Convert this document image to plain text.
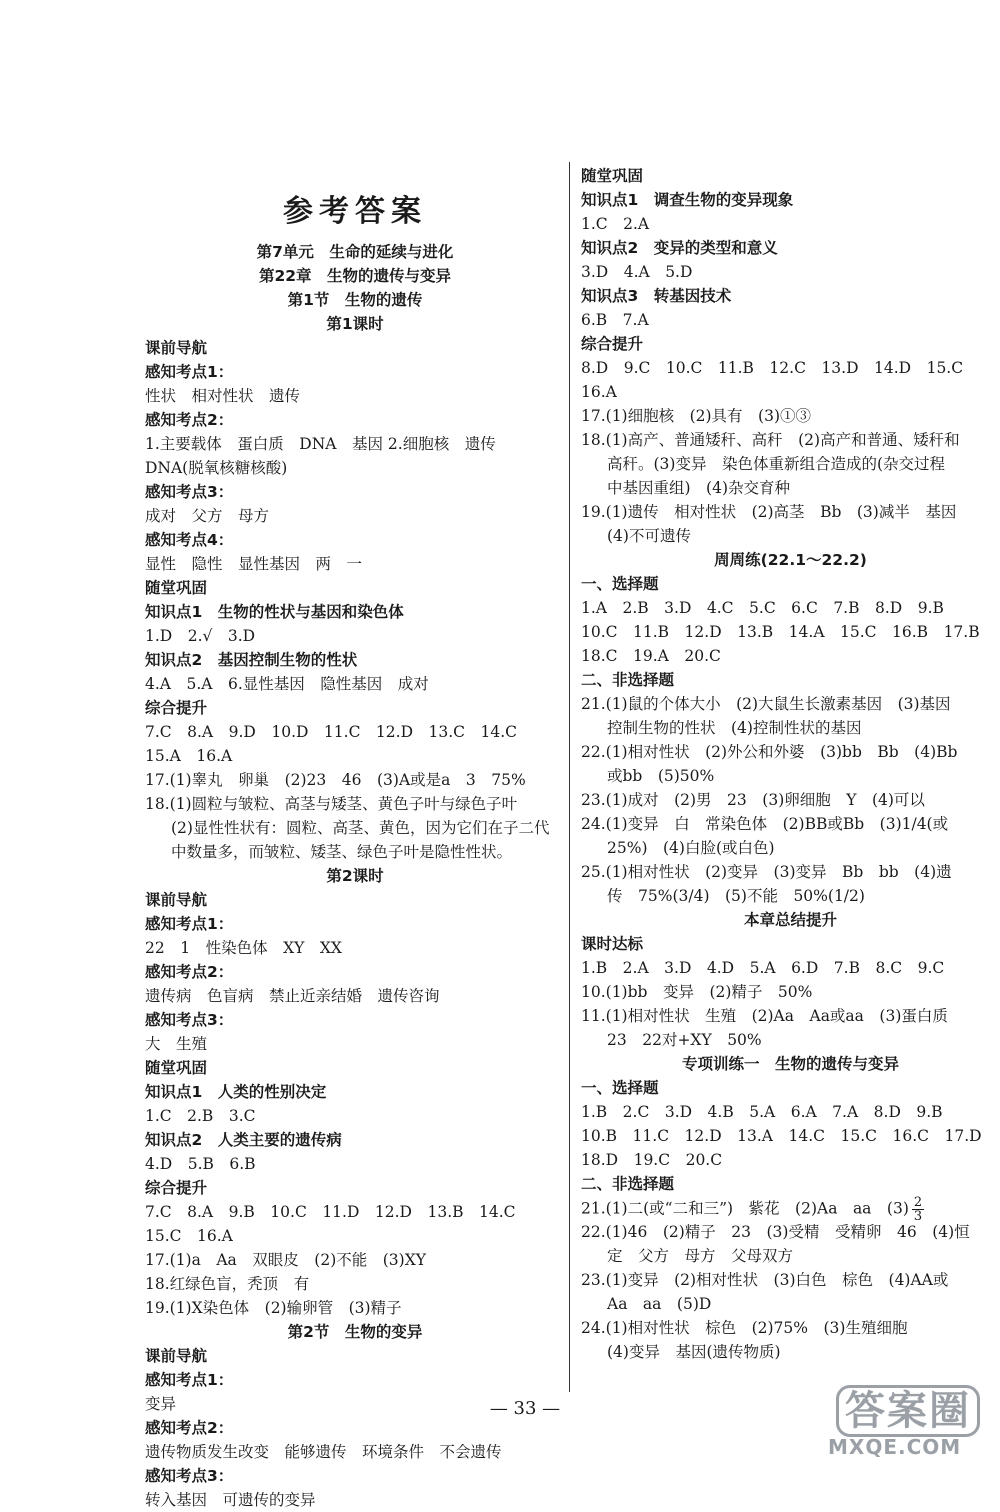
参考答案
第7单元　生命的延续与进化
第22章　生物的遗传与变异
第1节　生物的遗传
第1课时
课前导航
感知考点1：
性状　相对性状　遗传
感知考点2：
1.主要载体　蛋白质　DNA　基因 2.细胞核　遗传
DNA(脱氧核糖核酸)
感知考点3：
成对　父方　母方
感知考点4：
显性　隐性　显性基因　两　一
随堂巩固
知识点1　生物的性状与基因和染色体
1.D　2.√　3.D
知识点2　基因控制生物的性状
4.A　5.A　6.显性基因　隐性基因　成对
综合提升
7.C　8.A　9.D　10.D　11.C　12.D　13.C　14.C
15.A　16.A
17.(1)睾丸　卵巢　(2)23　46　(3)A或是a　3　75%
18.(1)圆粒与皱粒、高茎与矮茎、黄色子叶与绿色子叶
(2)显性性状有：圆粒、高茎、黄色，因为它们在子二代
中数量多，而皱粒、矮茎、绿色子叶是隐性性状。
第2课时
课前导航
感知考点1：
22　1　性染色体　XY　XX
感知考点2：
遗传病　色盲病　禁止近亲结婚　遗传咨询
感知考点3：
大　生殖
随堂巩固
知识点1　人类的性别决定
1.C　2.B　3.C
知识点2　人类主要的遗传病
4.D　5.B　6.B
综合提升
7.C　8.A　9.B　10.C　11.D　12.D　13.B　14.C
15.C　16.A
17.(1)a　Aa　双眼皮　(2)不能　(3)XY
18.红绿色盲，秃顶　有
19.(1)X染色体　(2)输卵管　(3)精子
第2节　生物的变异
课前导航
感知考点1：
变异
感知考点2：
遗传物质发生改变　能够遗传　环境条件　不会遗传
感知考点3：
转入基因　可遗传的变异
随堂巩固
知识点1　调查生物的变异现象
1.C　2.A
知识点2　变异的类型和意义
3.D　4.A　5.D
知识点3　转基因技术
6.B　7.A
综合提升
8.D　9.C　10.C　11.B　12.C　13.D　14.D　15.C
16.A
17.(1)细胞核　(2)具有　(3)①③
18.(1)高产、普通矮秆、高秆　(2)高产和普通、矮秆和
高秆。(3)变异　染色体重新组合造成的(杂交过程
中基因重组)　(4)杂交育种
19.(1)遗传　相对性状　(2)高茎　Bb　(3)减半　基因
(4)不可遗传
周周练(22.1～22.2)
一、选择题
1.A　2.B　3.D　4.C　5.C　6.C　7.B　8.D　9.B
10.C　11.B　12.D　13.B　14.A　15.C　16.B　17.B
18.C　19.A　20.C
二、非选择题
21.(1)鼠的个体大小　(2)大鼠生长激素基因　(3)基因
控制生物的性状　(4)控制性状的基因
22.(1)相对性状　(2)外公和外婆　(3)bb　Bb　(4)Bb
或bb　(5)50%
23.(1)成对　(2)男　23　(3)卵细胞　Y　(4)可以
24.(1)变异　白　常染色体　(2)BB或Bb　(3)1/4(或
25%)　(4)白脸(或白色)
25.(1)相对性状　(2)变异　(3)变异　Bb　bb　(4)遗
传　75%(3/4)　(5)不能　50%(1/2)
本章总结提升
课时达标
1.B　2.A　3.D　4.D　5.A　6.D　7.B　8.C　9.C
10.(1)bb　变异　(2)精子　50%
11.(1)相对性状　生殖　(2)Aa　Aa或aa　(3)蛋白质
23　22对+XY　50%
专项训练一　生物的遗传与变异
一、选择题
1.B　2.C　3.D　4.B　5.A　6.A　7.A　8.D　9.B
10.B　11.C　12.D　13.A　14.C　15.C　16.C　17.D
18.D　19.C　20.C
二、非选择题
21.(1)二(或“二和三”)　紫花　(2)Aa　aa　$(3) \frac{2}{3}$
22.(1)46　(2)精子　23　(3)受精　受精卵　46　(4)恒
定　父方　母方　父母双方
23.(1)变异　(2)相对性状　(3)白色　棕色　(4)AA或
Aa　aa　(5)D
24.(1)相对性状　棕色　(2)75%　(3)生殖细胞
(4)变异　基因(遗传物质)
— 33 —	答案圈
MXQE.COM
